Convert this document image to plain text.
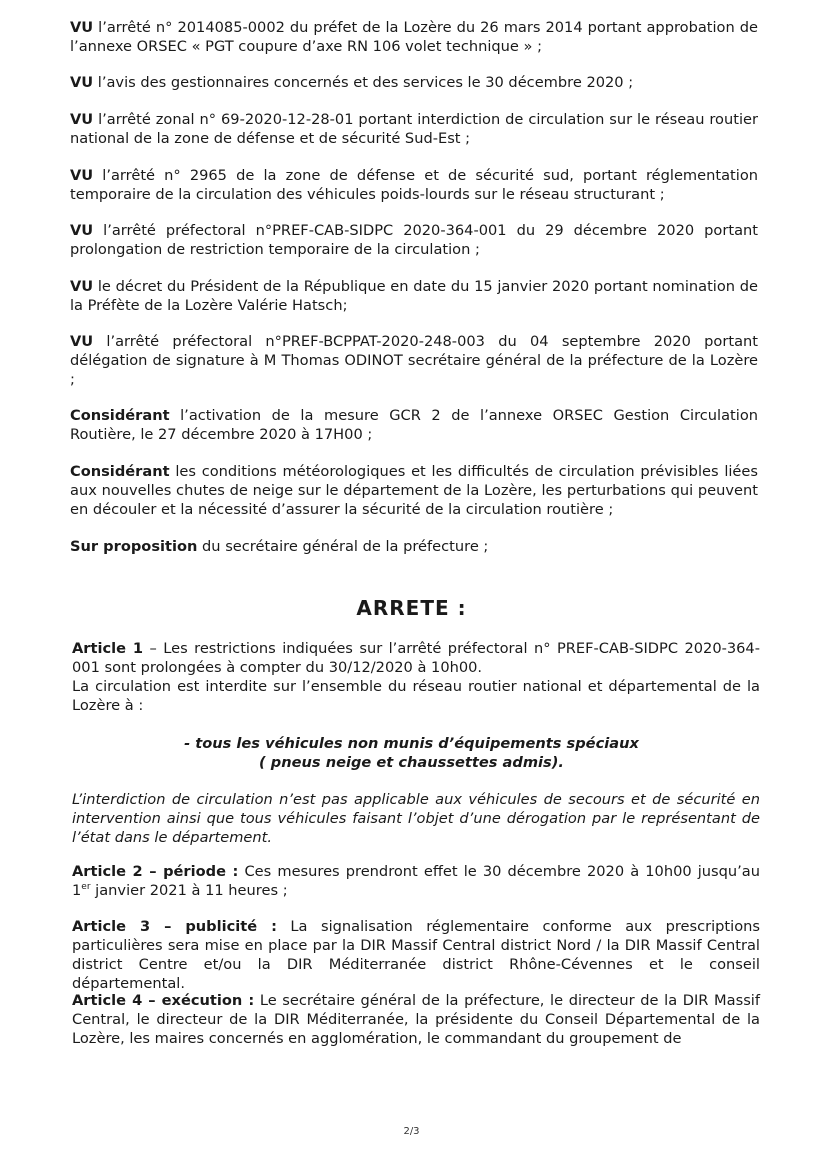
VU l’arrêté n° 2014085-0002 du préfet de la Lozère du 26 mars 2014 portant approbation de l’annexe ORSEC « PGT coupure d’axe RN 106 volet technique » ;

VU l’avis des gestionnaires concernés et des services le 30 décembre 2020 ;

VU l’arrêté zonal n° 69-2020-12-28-01 portant interdiction de circulation sur le réseau routier national de la zone de défense et de sécurité Sud-Est ;

VU l’arrêté n° 2965 de la zone de défense et de sécurité sud, portant réglementation temporaire de la circulation des véhicules poids-lourds sur le réseau structurant ;

VU l’arrêté préfectoral n°PREF-CAB-SIDPC 2020-364-001 du 29 décembre 2020 portant prolongation de restriction temporaire de la circulation ;

VU le décret du Président de la République en date du 15 janvier 2020 portant nomination de la Préfète de la Lozère Valérie Hatsch;

VU l’arrêté préfectoral n°PREF-BCPPAT-2020-248-003 du 04 septembre 2020 portant délégation de signature à M Thomas ODINOT secrétaire général de la préfecture de la Lozère ;

Considérant l’activation de la mesure GCR 2 de l’annexe ORSEC Gestion Circulation Routière, le 27 décembre 2020 à 17H00 ;

Considérant les conditions météorologiques et les difficultés de circulation prévisibles liées aux nouvelles chutes de neige sur le département de la Lozère, les perturbations qui peuvent en découler et la nécessité d’assurer la sécurité de la circulation routière ;

Sur proposition du secrétaire général de la préfecture ;

ARRETE :

Article 1 – Les restrictions indiquées sur l’arrêté préfectoral n° PREF-CAB-SIDPC 2020-364-001 sont prolongées à compter du 30/12/2020 à 10h00.
La circulation est interdite sur l’ensemble du réseau routier national et départemental de la Lozère à :

- tous les véhicules non munis d’équipements spéciaux
( pneus neige et chaussettes admis).

L’interdiction de circulation n’est pas applicable aux véhicules de secours et de sécurité en intervention ainsi que tous véhicules faisant l’objet d’une dérogation par le représentant de l’état dans le département.

Article 2 – période : Ces mesures prendront effet le 30 décembre 2020 à 10h00 jusqu’au 1er janvier 2021 à 11 heures ;

Article 3 – publicité : La signalisation réglementaire conforme aux prescriptions particulières sera mise en place par la DIR Massif Central district Nord / la DIR Massif Central district Centre et/ou la DIR Méditerranée district Rhône-Cévennes et le conseil départemental.

Article 4 – exécution : Le secrétaire général de la préfecture, le directeur de la DIR Massif Central, le directeur de la DIR Méditerranée, la présidente du Conseil Départemental de la Lozère, les maires concernés en agglomération, le commandant du groupement de

2/3
